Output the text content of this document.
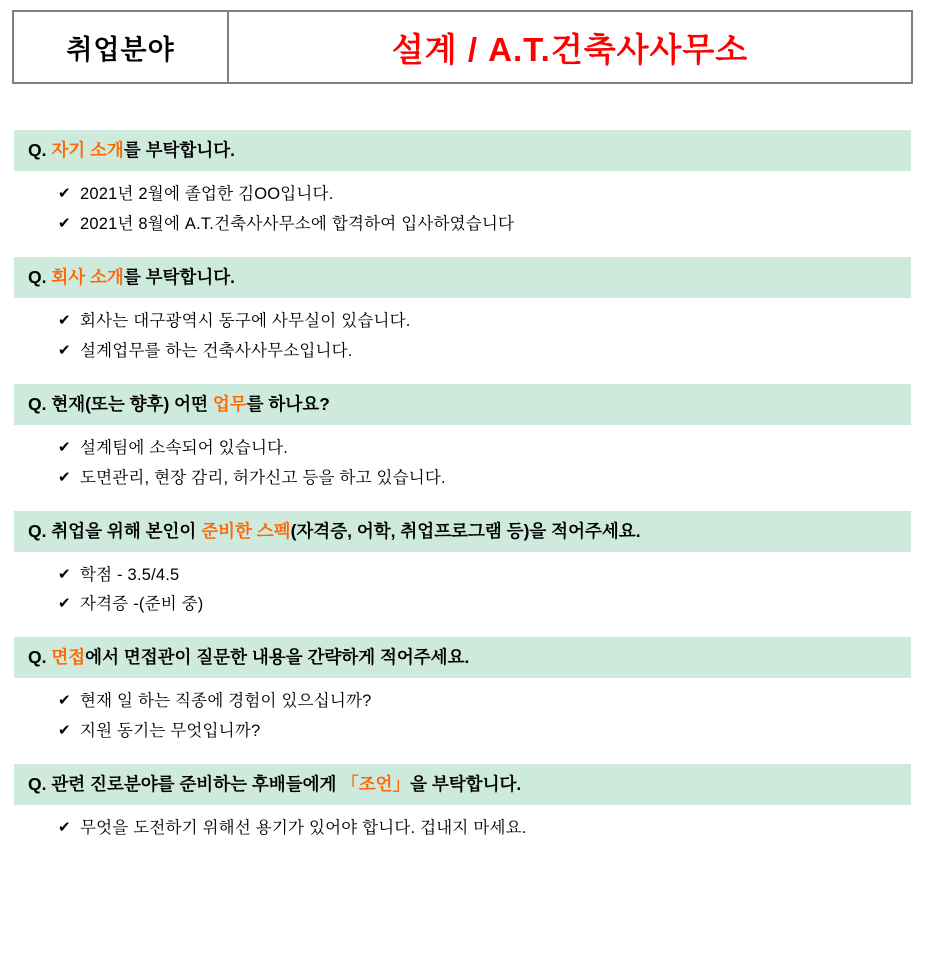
취업분야	설계 / A.T.건축사사무소
Q. 자기 소개를 부탁합니다.
✔ 2021년 2월에 졸업한 김OO입니다.
✔ 2021년 8월에 A.T.건축사사무소에 합격하여 입사하였습니다
Q. 회사 소개를 부탁합니다.
✔ 회사는 대구광역시 동구에 사무실이 있습니다.
✔ 설계업무를 하는 건축사사무소입니다.
Q. 현재(또는 향후) 어떤 업무를 하나요?
✔ 설계팀에 소속되어 있습니다.
✔ 도면관리, 현장 감리, 허가신고 등을 하고 있습니다.
Q. 취업을 위해 본인이 준비한 스펙(자격증, 어학, 취업프로그램 등)을 적어주세요.
✔ 학점 - 3.5/4.5
✔ 자격증 -(준비 중)
Q. 면접에서 면접관이 질문한 내용을 간략하게 적어주세요.
✔ 현재 일 하는 직종에 경험이 있으십니까?
✔ 지원 동기는 무엇입니까?
Q. 관련 진로분야를 준비하는 후배들에게 「조언」을 부탁합니다.
✔ 무엇을 도전하기 위해선 용기가 있어야 합니다. 겁내지 마세요.
